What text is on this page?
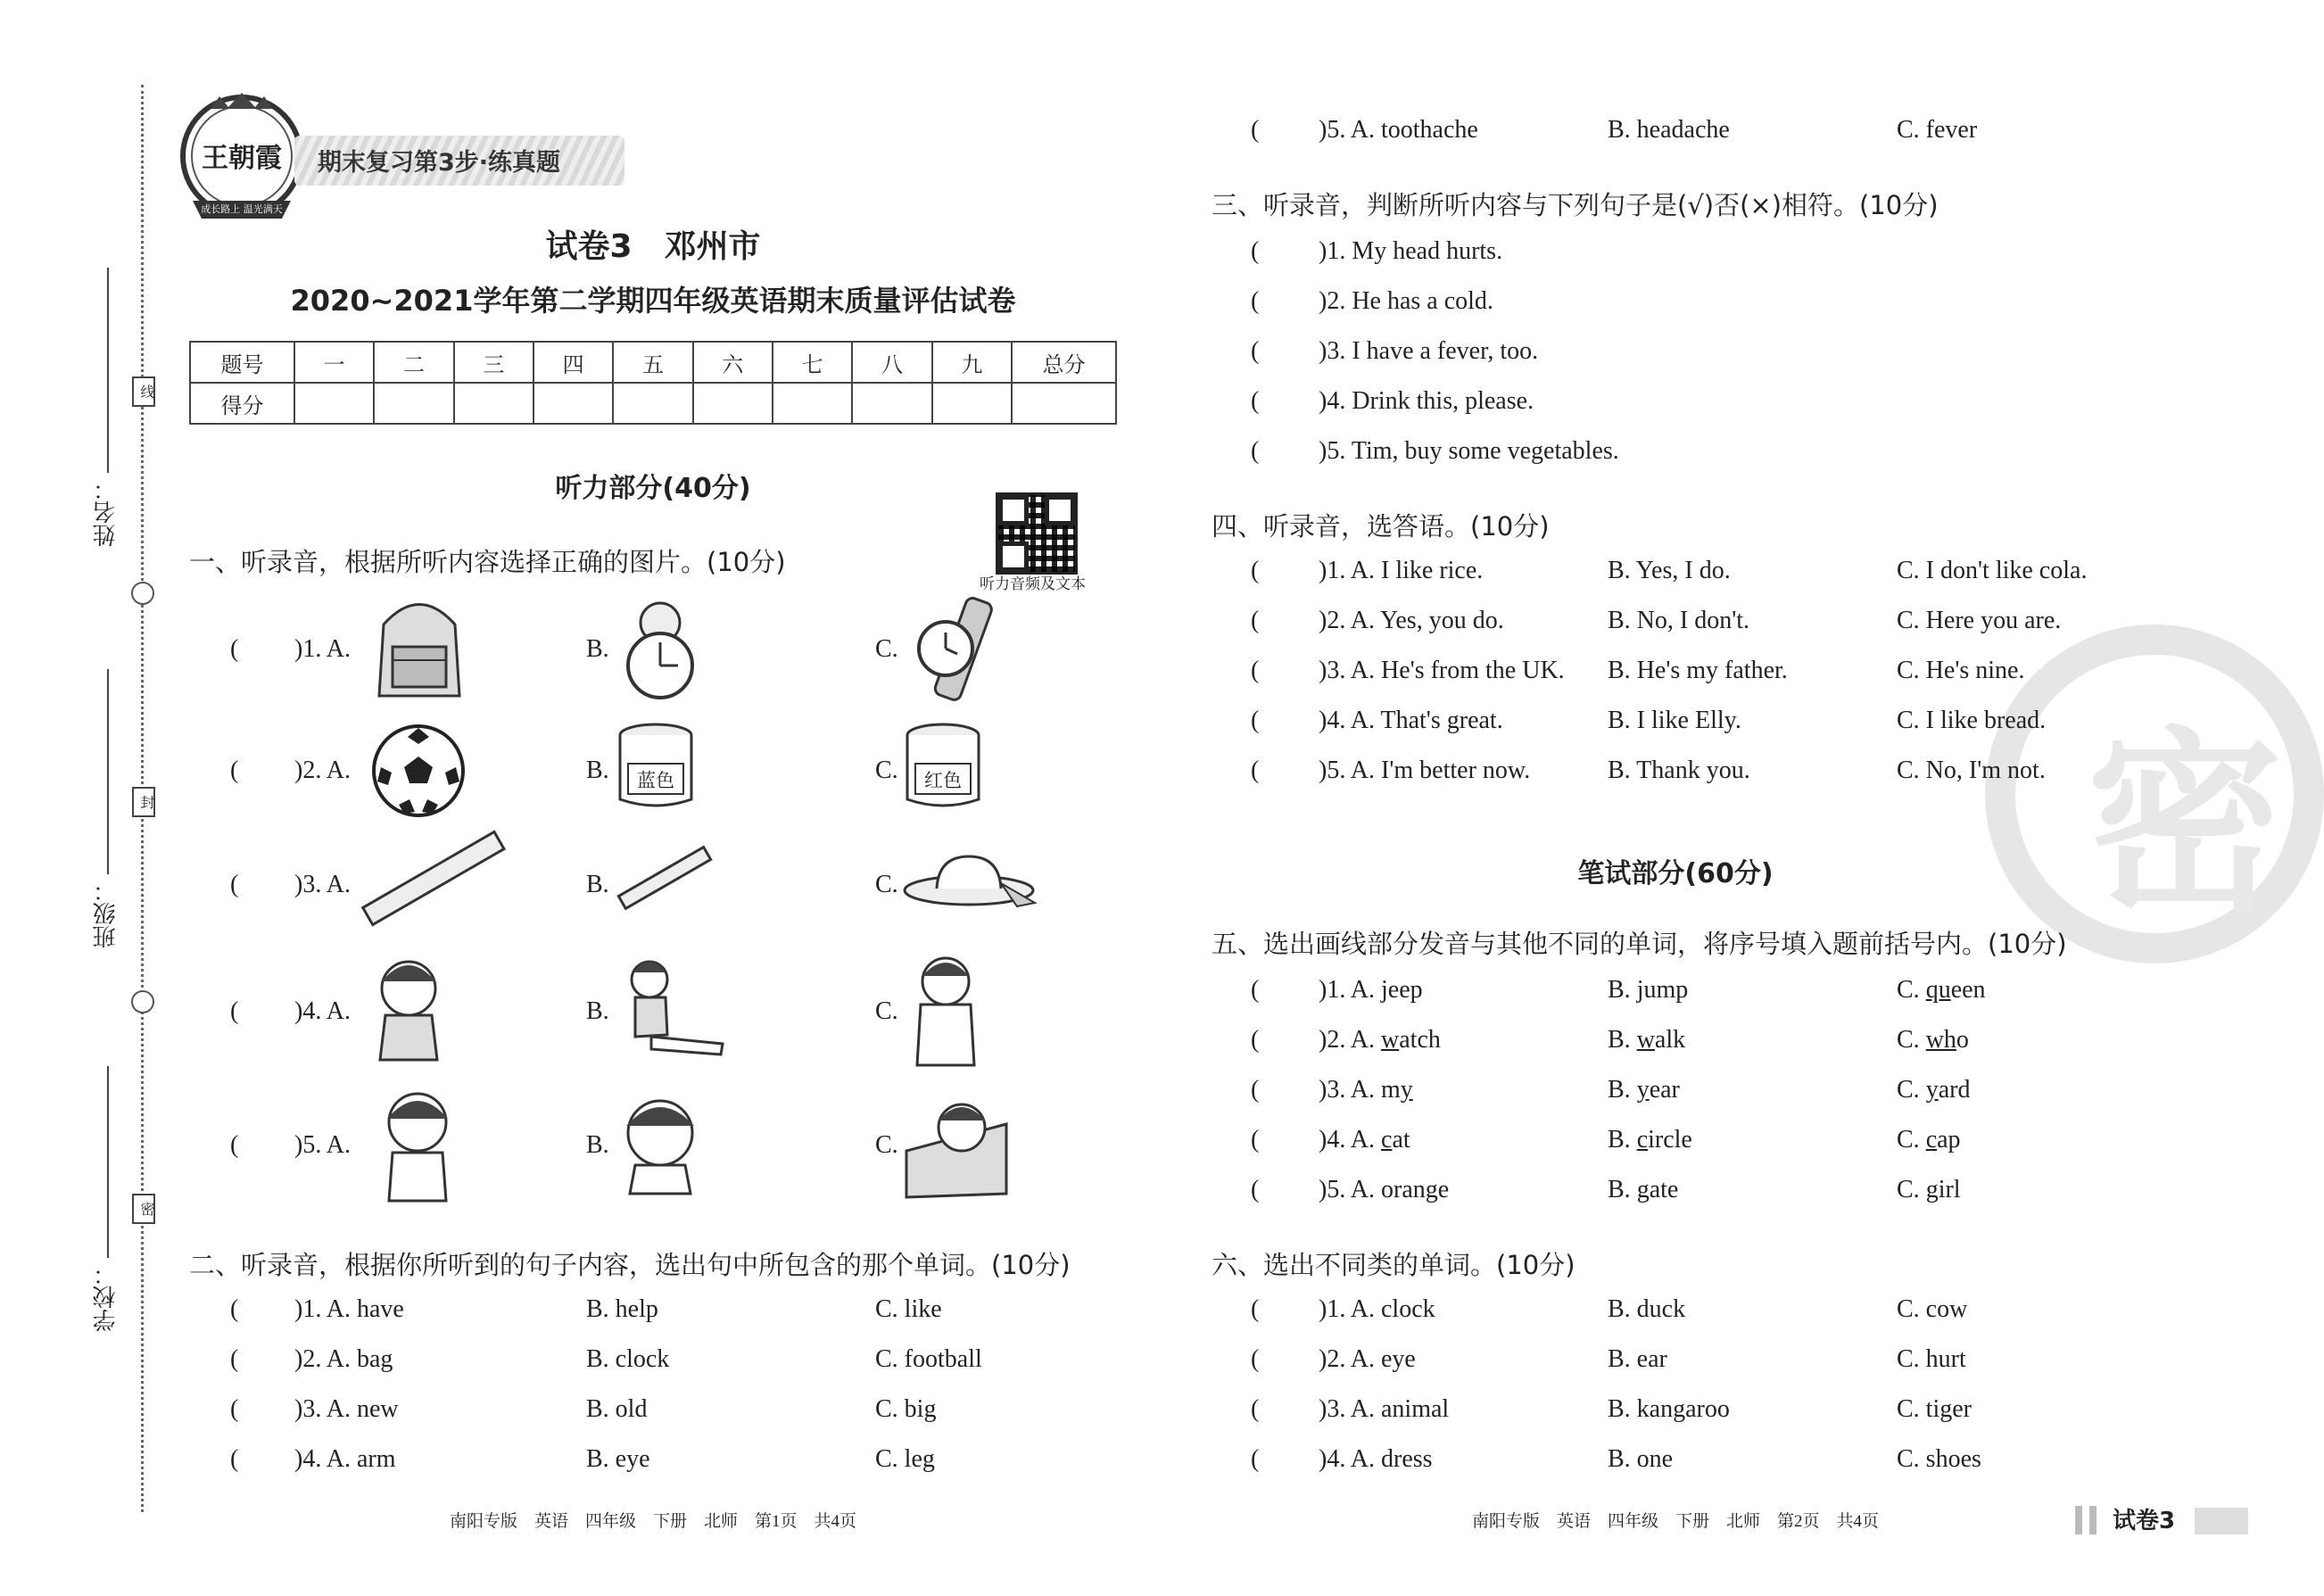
线
封
密
姓名：
班级：
学校：
王朝霞
成长路上 温光满天
期末复习第3步·练真题
试卷3　邓州市
2020~2021学年第二学期四年级英语期末质量评估试卷
题号	一	二	三	四	五	六	七	八	九	总分
得分										
听力部分(40分)
听力音频及文本
一、听录音，根据所听内容选择正确的图片。(10分)
( )1. A.	B.	C.
( )2. A.	B.	蓝色	C.	红色
( )3. A.	B.	C.
( )4. A.	B.	C.
( )5. A.	B.	C.
二、听录音，根据你所听到的句子内容，选出句中所包含的那个单词。(10分)
( )1. A. have	B. help	C. like
( )2. A. bag	B. clock	C. football
( )3. A. new	B. old	C. big
( )4. A. arm	B. eye	C. leg
南阳专版　英语　四年级　下册　北师　第1页　共4页
密
( )5. A. toothache	B. headache	C. fever
三、听录音，判断所听内容与下列句子是(√)否(×)相符。(10分)
( )1. My head hurts.
( )2. He has a cold.
( )3. I have a fever, too.
( )4. Drink this, please.
( )5. Tim, buy some vegetables.
四、听录音，选答语。(10分)
( )1. A. I like rice.	B. Yes, I do.	C. I don't like cola.
( )2. A. Yes, you do.	B. No, I don't.	C. Here you are.
( )3. A. He's from the UK. B. He's my father.	C. He's nine.
( )4. A. That's great.	B. I like Elly.	C. I like bread.
( )5. A. I'm better now.	B. Thank you.	C. No, I'm not.
笔试部分(60分)
五、选出画线部分发音与其他不同的单词，将序号填入题前括号内。(10分)
( )1. A. jeep	B. jump	C. queen
( )2. A. watch	B. walk	C. who
( )3. A. my	B. year	C. yard
( )4. A. cat	B. circle	C. cap
( )5. A. orange	B. gate	C. girl
六、选出不同类的单词。(10分)
( )1. A. clock	B. duck	C. cow
( )2. A. eye	B. ear	C. hurt
( )3. A. animal	B. kangaroo	C. tiger
( )4. A. dress	B. one	C. shoes
南阳专版　英语　四年级　下册　北师　第2页　共4页	试卷3
